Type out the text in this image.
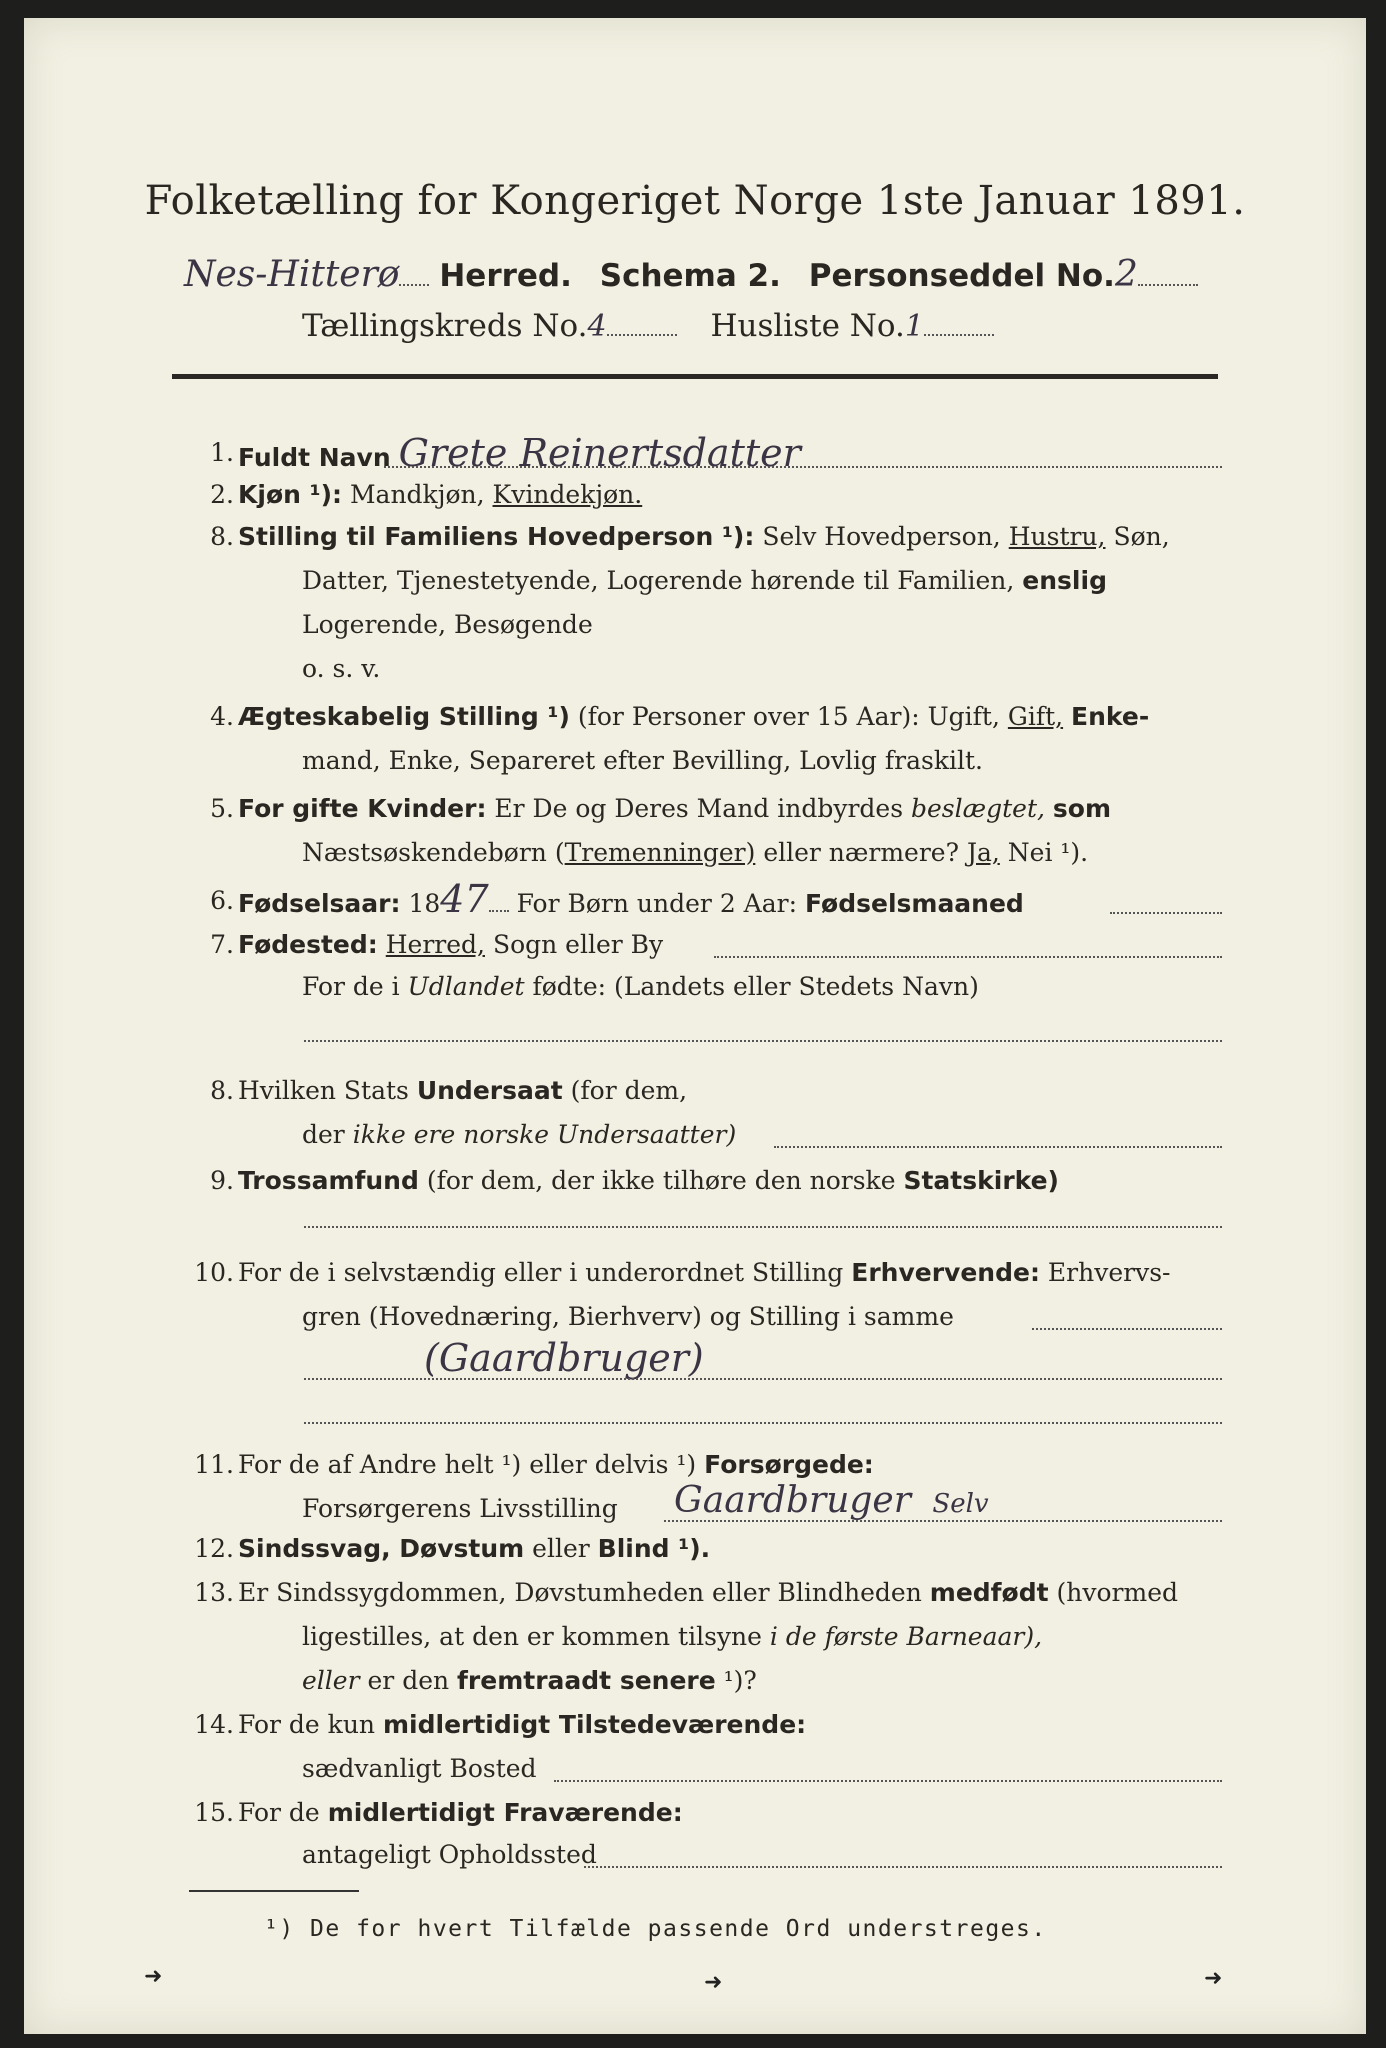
Folketælling for Kongeriget Norge 1ste Januar 1891.
Nes-Hitterø Herred. Schema 2. Personseddel No.2
Tællingskreds No.4	Husliste No.1
1. Fuldt Navn Grete Reinertsdatter
2. Kjøn ¹): Mandkjøn, Kvindekjøn.
8. Stilling til Familiens Hovedperson ¹): Selv Hovedperson, Hustru, Søn,
Datter, Tjenestetyende, Logerende hørende til Familien, enslig
Logerende, Besøgende
o. s. v.
4. Ægteskabelig Stilling ¹) (for Personer over 15 Aar): Ugift, Gift, Enke-
mand, Enke, Separeret efter Bevilling, Lovlig fraskilt.
5. For gifte Kvinder: Er De og Deres Mand indbyrdes beslægtet, som
Næstsøskendebørn (Tremenninger) eller nærmere? Ja, Nei ¹).
6. Fødselsaar: 1847 For Børn under 2 Aar: Fødselsmaaned
7. Fødested: Herred, Sogn eller By
For de i Udlandet fødte: (Landets eller Stedets Navn)
8. Hvilken Stats Undersaat (for dem,
der ikke ere norske Undersaatter)
9. Trossamfund (for dem, der ikke tilhøre den norske Statskirke)
10. For de i selvstændig eller i underordnet Stilling Erhvervende: Erhvervs-
gren (Hovednæring, Bierhverv) og Stilling i samme
(Gaardbruger)
11. For de af Andre helt ¹) eller delvis ¹) Forsørgede:
Forsørgerens Livsstilling Gaardbruger Selv
12. Sindssvag, Døvstum eller Blind ¹).
13. Er Sindssygdommen, Døvstumheden eller Blindheden medfødt (hvormed
ligestilles, at den er kommen tilsyne i de første Barneaar),
eller er den fremtraadt senere ¹)?
14. For de kun midlertidigt Tilstedeværende:
sædvanligt Bosted
15. For de midlertidigt Fraværende:
¹) De for hvert Tilfælde passende Ord understreges.
➜	➜	➜
antageligt Opholdssted
